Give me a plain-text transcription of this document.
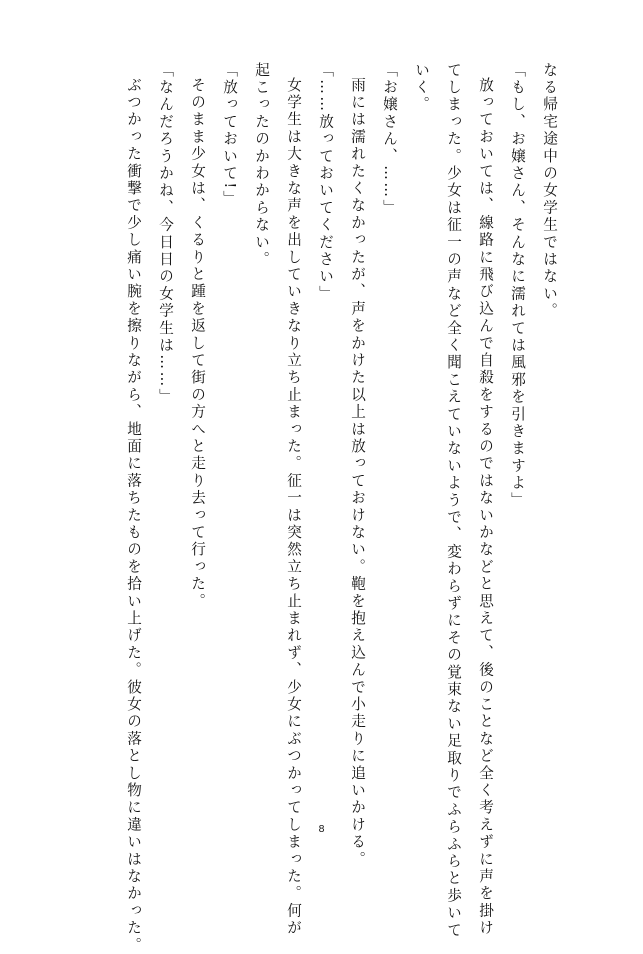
なる帰宅途中の女学生ではない。
「もし、お嬢さん、そんなに濡れては風邪を引きますよ」
放っておいては、線路に飛び込んで自殺をするのではないかなどと思えて、後のことなど全く考えずに声を掛け
てしまった。少女は征一の声など全く聞こえていないようで、変わらずにその覚束ない足取りでふらふらと歩いて
いく。
「お嬢さん、……」
雨には濡れたくなかったが、声をかけた以上は放っておけない。鞄を抱え込んで小走りに追いかける。
「……放っておいてください」
女学生は大きな声を出していきなり立ち止まった。征一は突然立ち止まれず、少女にぶつかってしまった。何が
起こったのかわからない。
「放っておいて!」
そのまま少女は、くるりと踵を返して街の方へと走り去って行った。
「なんだろうかね、今日日の女学生は……」
ぶつかった衝撃で少し痛い腕を擦りながら、地面に落ちたものを拾い上げた。彼女の落とし物に違いはなかった。	8
